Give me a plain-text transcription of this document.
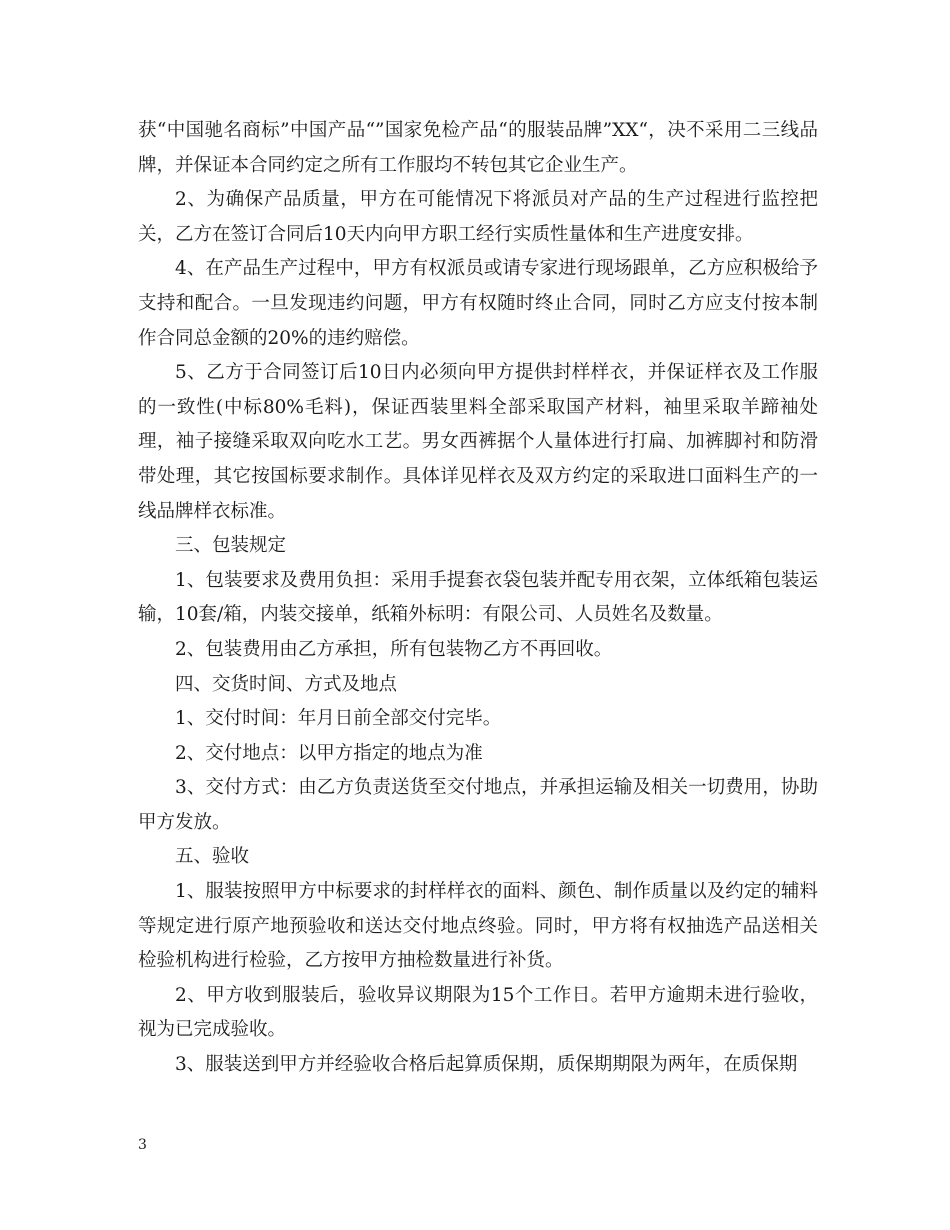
获“中国驰名商标”中国产品“”国家免检产品“的服装品牌”XX“，决不采用二三线品牌，并保证本合同约定之所有工作服均不转包其它企业生产。

2、为确保产品质量，甲方在可能情况下将派员对产品的生产过程进行监控把关，乙方在签订合同后10天内向甲方职工经行实质性量体和生产进度安排。

4、在产品生产过程中，甲方有权派员或请专家进行现场跟单，乙方应积极给予支持和配合。一旦发现违约问题，甲方有权随时终止合同，同时乙方应支付按本制作合同总金额的20%的违约赔偿。

5、乙方于合同签订后10日内必须向甲方提供封样样衣，并保证样衣及工作服的一致性(中标80%毛料)，保证西装里料全部采取国产材料，袖里采取羊蹄袖处理，袖子接缝采取双向吃水工艺。男女西裤据个人量体进行打扁、加裤脚衬和防滑带处理，其它按国标要求制作。具体详见样衣及双方约定的采取进口面料生产的一线品牌样衣标准。

三、包装规定

1、包装要求及费用负担：采用手提套衣袋包装并配专用衣架，立体纸箱包装运输，10套/箱，内装交接单，纸箱外标明：有限公司、人员姓名及数量。

2、包装费用由乙方承担，所有包装物乙方不再回收。

四、交货时间、方式及地点

1、交付时间：年月日前全部交付完毕。

2、交付地点：以甲方指定的地点为准

3、交付方式：由乙方负责送货至交付地点，并承担运输及相关一切费用，协助甲方发放。

五、验收

1、服装按照甲方中标要求的封样样衣的面料、颜色、制作质量以及约定的辅料等规定进行原产地预验收和送达交付地点终验。同时，甲方将有权抽选产品送相关检验机构进行检验，乙方按甲方抽检数量进行补货。

2、甲方收到服装后，验收异议期限为15个工作日。若甲方逾期未进行验收，视为已完成验收。

3、服装送到甲方并经验收合格后起算质保期，质保期期限为两年，在质保期

3
